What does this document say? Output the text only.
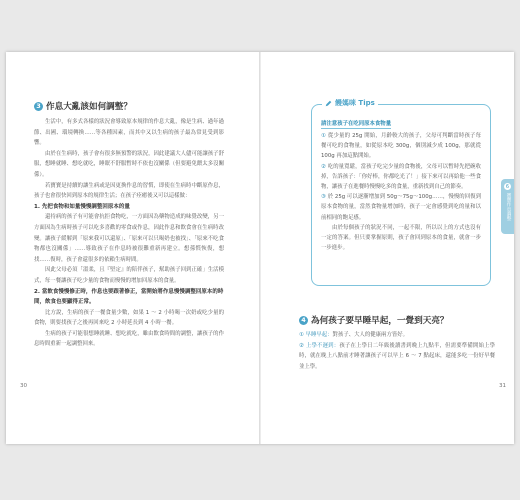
3 作息大亂該如何調整？

生活中，有多式各樣的狀況會導致原本規律的作息大亂，像是生病、過年過節、出國、環境轉換……等各種因素，而其中又以生病的孩子最為常見受到影響。

由於在生病時，孩子會有很多無預警的狀況，因此建議大人儘可能讓孩子舒服，想睡就睡、想吃就吃，睡眠不舒服暫時不依也沒關係（但要避免餵太多沒關係）。

若寶寶是持續的讓生病或是因更換作息的習慣，即使在生病時中斷原作息，孩子也會很快回到原本的規律生活；在孩子痊癒後又可以這樣做：

1. 先把食物和如量慢慢調整回原本的量

還持病的孩子有可能會抗拒食物吃，一方面因為藥物造成的味覺改變，另一方面因為生病時孩子可以吃多喜歡的零食或作息，因此作息和飲食會在生病時改變。讓孩子緩解到「原來我可以還原」、「原來可以只喝奶也被找」、「原來不吃食物都也沒關係」……導致孩子在作息時被很難重新再建立。想孫慣恢復，想找……復時，孩子會還很多的依賴生病時間。

因此父母必須「溫柔，且『堅定』的陪伴孩子，幫助孩子回到正確」生活模式，每一餐讓孩子吃少量的食物而慢慢的增加回原本的食量。

2. 當飲食慢慢修正時，作息也要跟著修正，當開始將作息慢慢調整回原本的時間，飲食也要顯得正常。

比方說，生病的孩子一餐食量少數，如果 1 ～ 2 小時喝一次奶或吃少量的食物，則要找孩子之後再回來吃 2 小時延長到 4 小時一餐。

生病的孩子可能很想睡就睡、想吃就吃，雖由飲食時間的調整，讓孩子的作息時間重新一起調整回來。

30
饅媽咪 Tips
請注意孩子在吃同原本食物量

① 從少量的 25g 開始，月齡較大的孩子，父母可判斷當時孩子每餐可吃的食物量，如從原本吃 300g，個別減少成 100g，那就從 100g 再加這點開始。

② 吃的量寬鬆，當孩子吃完少量的食物後，父母可以暫時先把碗收掉，告訴孩子：「你好棒，你都吃光了！」接下來可以再給他一些食物，讓孩子在進餐時慢慢吃多的食量，重新找到自己的節奏。

③ 於 25g 可以逐漸增加到 50g～75g～100g……，慢慢的回復到原本食物的量，當然食物量增加時，孩子一定會感覺到吃的量和以前相同的飽足感。

由於每個孩子的狀況不同，一起不限，所以以上的方式也沒有一定的答案。但只要掌握原則，孩子會回到原本的食量，就會一步一步進步。

4 為何孩子要早睡早起，一覺到天亮？

① 早睡早起：對孩子、大人的健康兩方皆好。

② 上學不遲到：孩子在上學日二年級後讀書到晚上九點半，但需要準備開始上學時，就在晚上八點前才睡著讓孩子可以早上 6 ～ 7 點起床，還能多吃一份好早餐並上學。

31
6
寶寶作息調整
